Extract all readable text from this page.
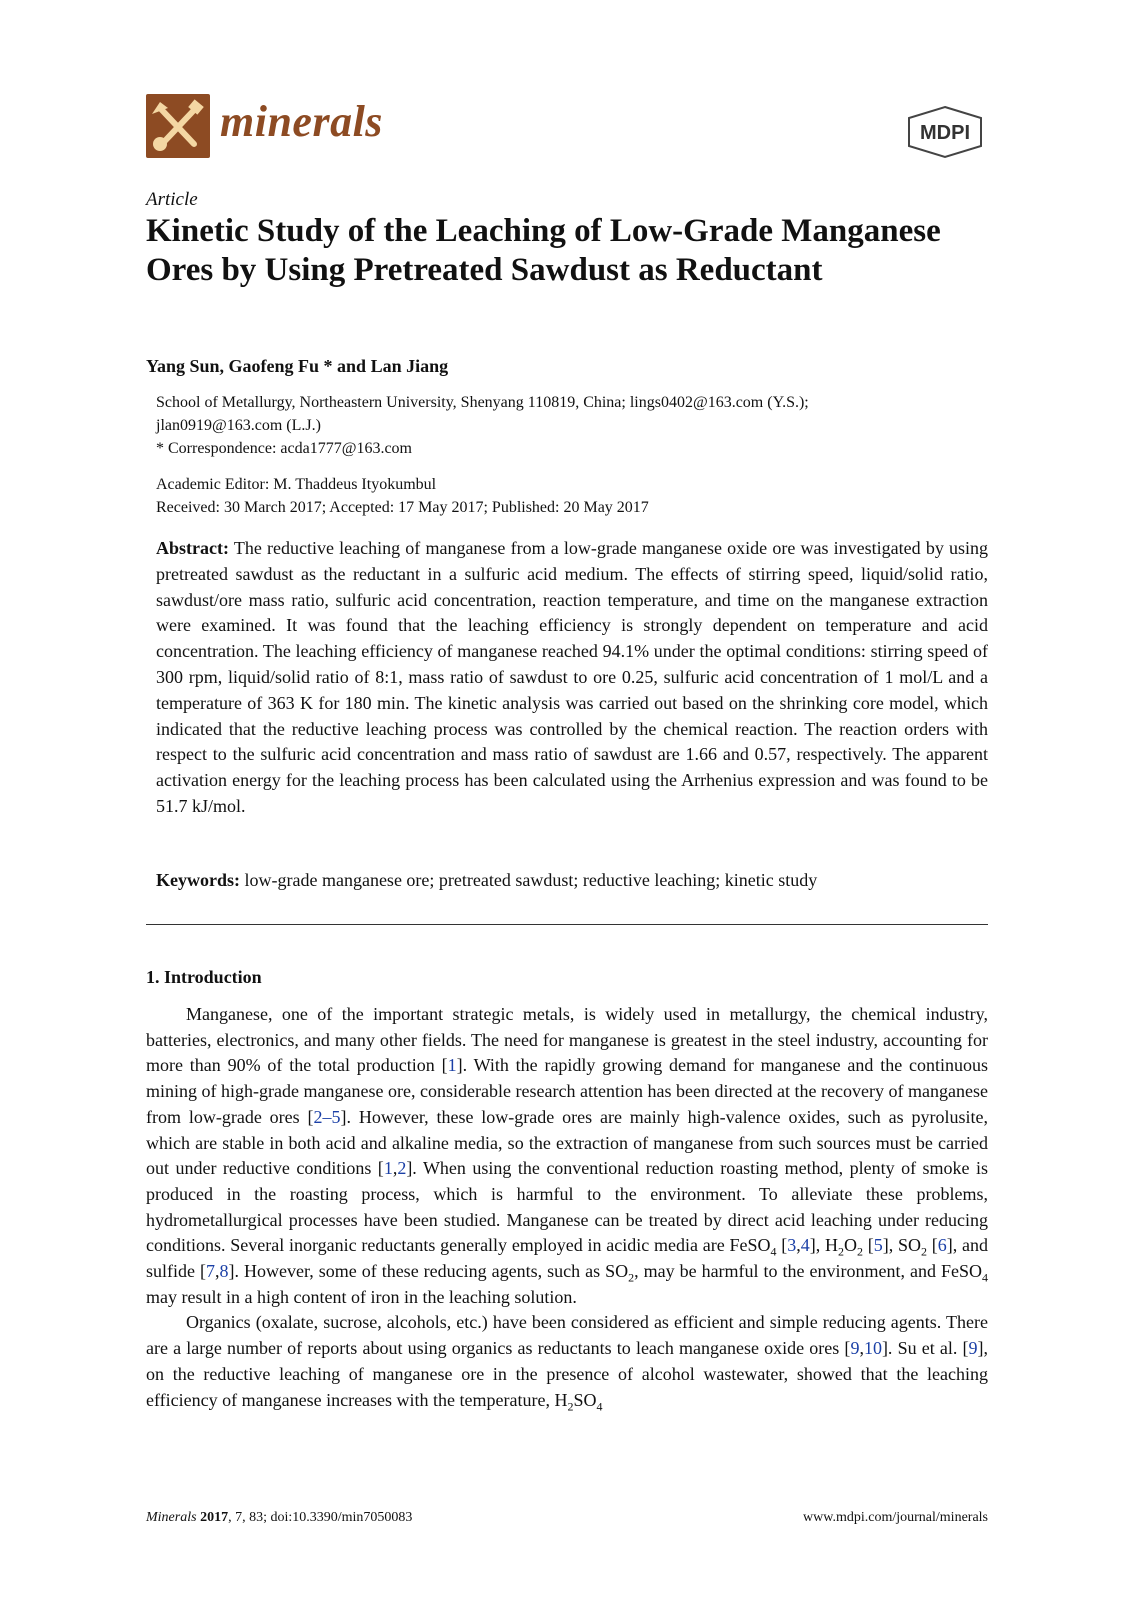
minerals	MDPI
Article
Kinetic Study of the Leaching of Low-Grade Manganese Ores by Using Pretreated Sawdust as Reductant
Yang Sun, Gaofeng Fu * and Lan Jiang
School of Metallurgy, Northeastern University, Shenyang 110819, China; lings0402@163.com (Y.S.);
jlan0919@163.com (L.J.)
* Correspondence: acda1777@163.com
Academic Editor: M. Thaddeus Ityokumbul
Received: 30 March 2017; Accepted: 17 May 2017; Published: 20 May 2017
Abstract: The reductive leaching of manganese from a low-grade manganese oxide ore was investigated by using pretreated sawdust as the reductant in a sulfuric acid medium. The effects of stirring speed, liquid/solid ratio, sawdust/ore mass ratio, sulfuric acid concentration, reaction temperature, and time on the manganese extraction were examined. It was found that the leaching efficiency is strongly dependent on temperature and acid concentration. The leaching efficiency of manganese reached 94.1% under the optimal conditions: stirring speed of 300 rpm, liquid/solid ratio of 8:1, mass ratio of sawdust to ore 0.25, sulfuric acid concentration of 1 mol/L and a temperature of 363 K for 180 min. The kinetic analysis was carried out based on the shrinking core model, which indicated that the reductive leaching process was controlled by the chemical reaction. The reaction orders with respect to the sulfuric acid concentration and mass ratio of sawdust are 1.66 and 0.57, respectively. The apparent activation energy for the leaching process has been calculated using the Arrhenius expression and was found to be 51.7 kJ/mol.
Keywords: low-grade manganese ore; pretreated sawdust; reductive leaching; kinetic study
1. Introduction

Manganese, one of the important strategic metals, is widely used in metallurgy, the chemical industry, batteries, electronics, and many other fields. The need for manganese is greatest in the steel industry, accounting for more than 90% of the total production [1]. With the rapidly growing demand for manganese and the continuous mining of high-grade manganese ore, considerable research attention has been directed at the recovery of manganese from low-grade ores [2–5]. However, these low-grade ores are mainly high-valence oxides, such as pyrolusite, which are stable in both acid and alkaline media, so the extraction of manganese from such sources must be carried out under reductive conditions [1,2]. When using the conventional reduction roasting method, plenty of smoke is produced in the roasting process, which is harmful to the environment. To alleviate these problems, hydrometallurgical processes have been studied. Manganese can be treated by direct acid leaching under reducing conditions. Several inorganic reductants generally employed in acidic media are FeSO$_4$ [3,4], $H_2O_2$ [5], $SO_2$ [6], and sulfide [7,8]. However, some of these reducing agents, such as $SO_2$, may be harmful to the environment, and FeSO$_4$ may result in a high content of iron in the leaching solution.

Organics (oxalate, sucrose, alcohols, etc.) have been considered as efficient and simple reducing agents. There are a large number of reports about using organics as reductants to leach manganese oxide ores [9,10]. Su et al. [9], on the reductive leaching of manganese ore in the presence of alcohol wastewater, showed that the leaching efficiency of manganese increases with the temperature, $H_2SO_4$

Minerals 2017, 7, 83; doi:10.3390/min7050083	www.mdpi.com/journal/minerals
